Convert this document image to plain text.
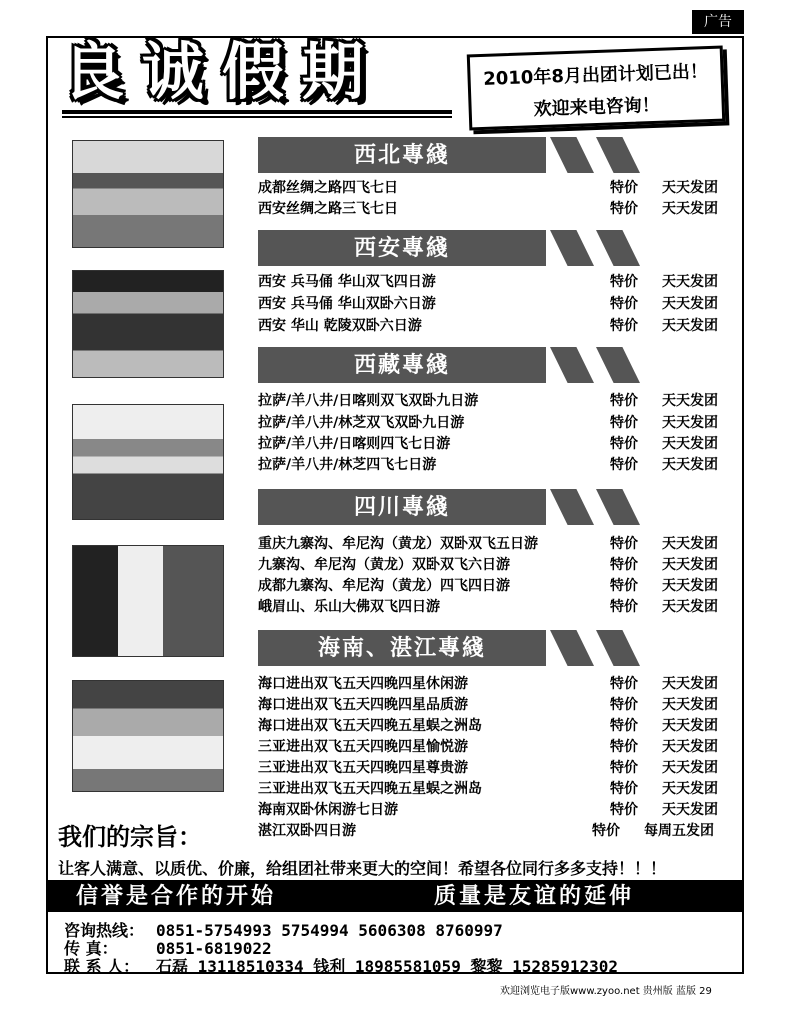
广告
良诚假期	2010年8月出团计划已出！
欢迎来电咨询！
西北專綫
成都丝绸之路四飞七日	特价 天天发团
西安丝绸之路三飞七日	特价 天天发团
西安專綫
西安 兵马俑 华山双飞四日游	特价 天天发团
西安 兵马俑 华山双卧六日游	特价 天天发团
西安 华山 乾陵双卧六日游	特价 天天发团
西藏專綫
拉萨/羊八井/日喀则双飞双卧九日游	特价 天天发团
拉萨/羊八井/林芝双飞双卧九日游	特价 天天发团
拉萨/羊八井/日喀则四飞七日游	特价 天天发团
拉萨/羊八井/林芝四飞七日游	特价 天天发团
四川專綫
重庆九寨沟、牟尼沟（黄龙）双卧双飞五日游	特价 天天发团
九寨沟、牟尼沟（黄龙）双卧双飞六日游	特价 天天发团
成都九寨沟、牟尼沟（黄龙）四飞四日游	特价 天天发团
峨眉山、乐山大佛双飞四日游	特价 天天发团
海南、湛江專綫
海口进出双飞五天四晚四星休闲游	特价 天天发团
海口进出双飞五天四晚四星品质游	特价 天天发团
海口进出双飞五天四晚五星蜈之洲岛	特价 天天发团
三亚进出双飞五天四晚四星愉悦游	特价 天天发团
三亚进出双飞五天四晚四星尊贵游	特价 天天发团
三亚进出双飞五天四晚五星蜈之洲岛	特价 天天发团
海南双卧休闲游七日游	特价 天天发团
湛江双卧四日游	特价 每周五发团
我们的宗旨：
让客人满意、以质优、价廉，给组团社带来更大的空间！希望各位同行多多支持！！！
信誉是合作的开始	质量是友谊的延伸
咨询热线： 0851-5754993 5754994 5606308 8760997
传 真： 0851-6819022
联 系 人： 石磊 13118510334 钱利 18985581059 黎黎 15285912302
欢迎浏览电子版www.zyoo.net 贵州版 蓝版 29
